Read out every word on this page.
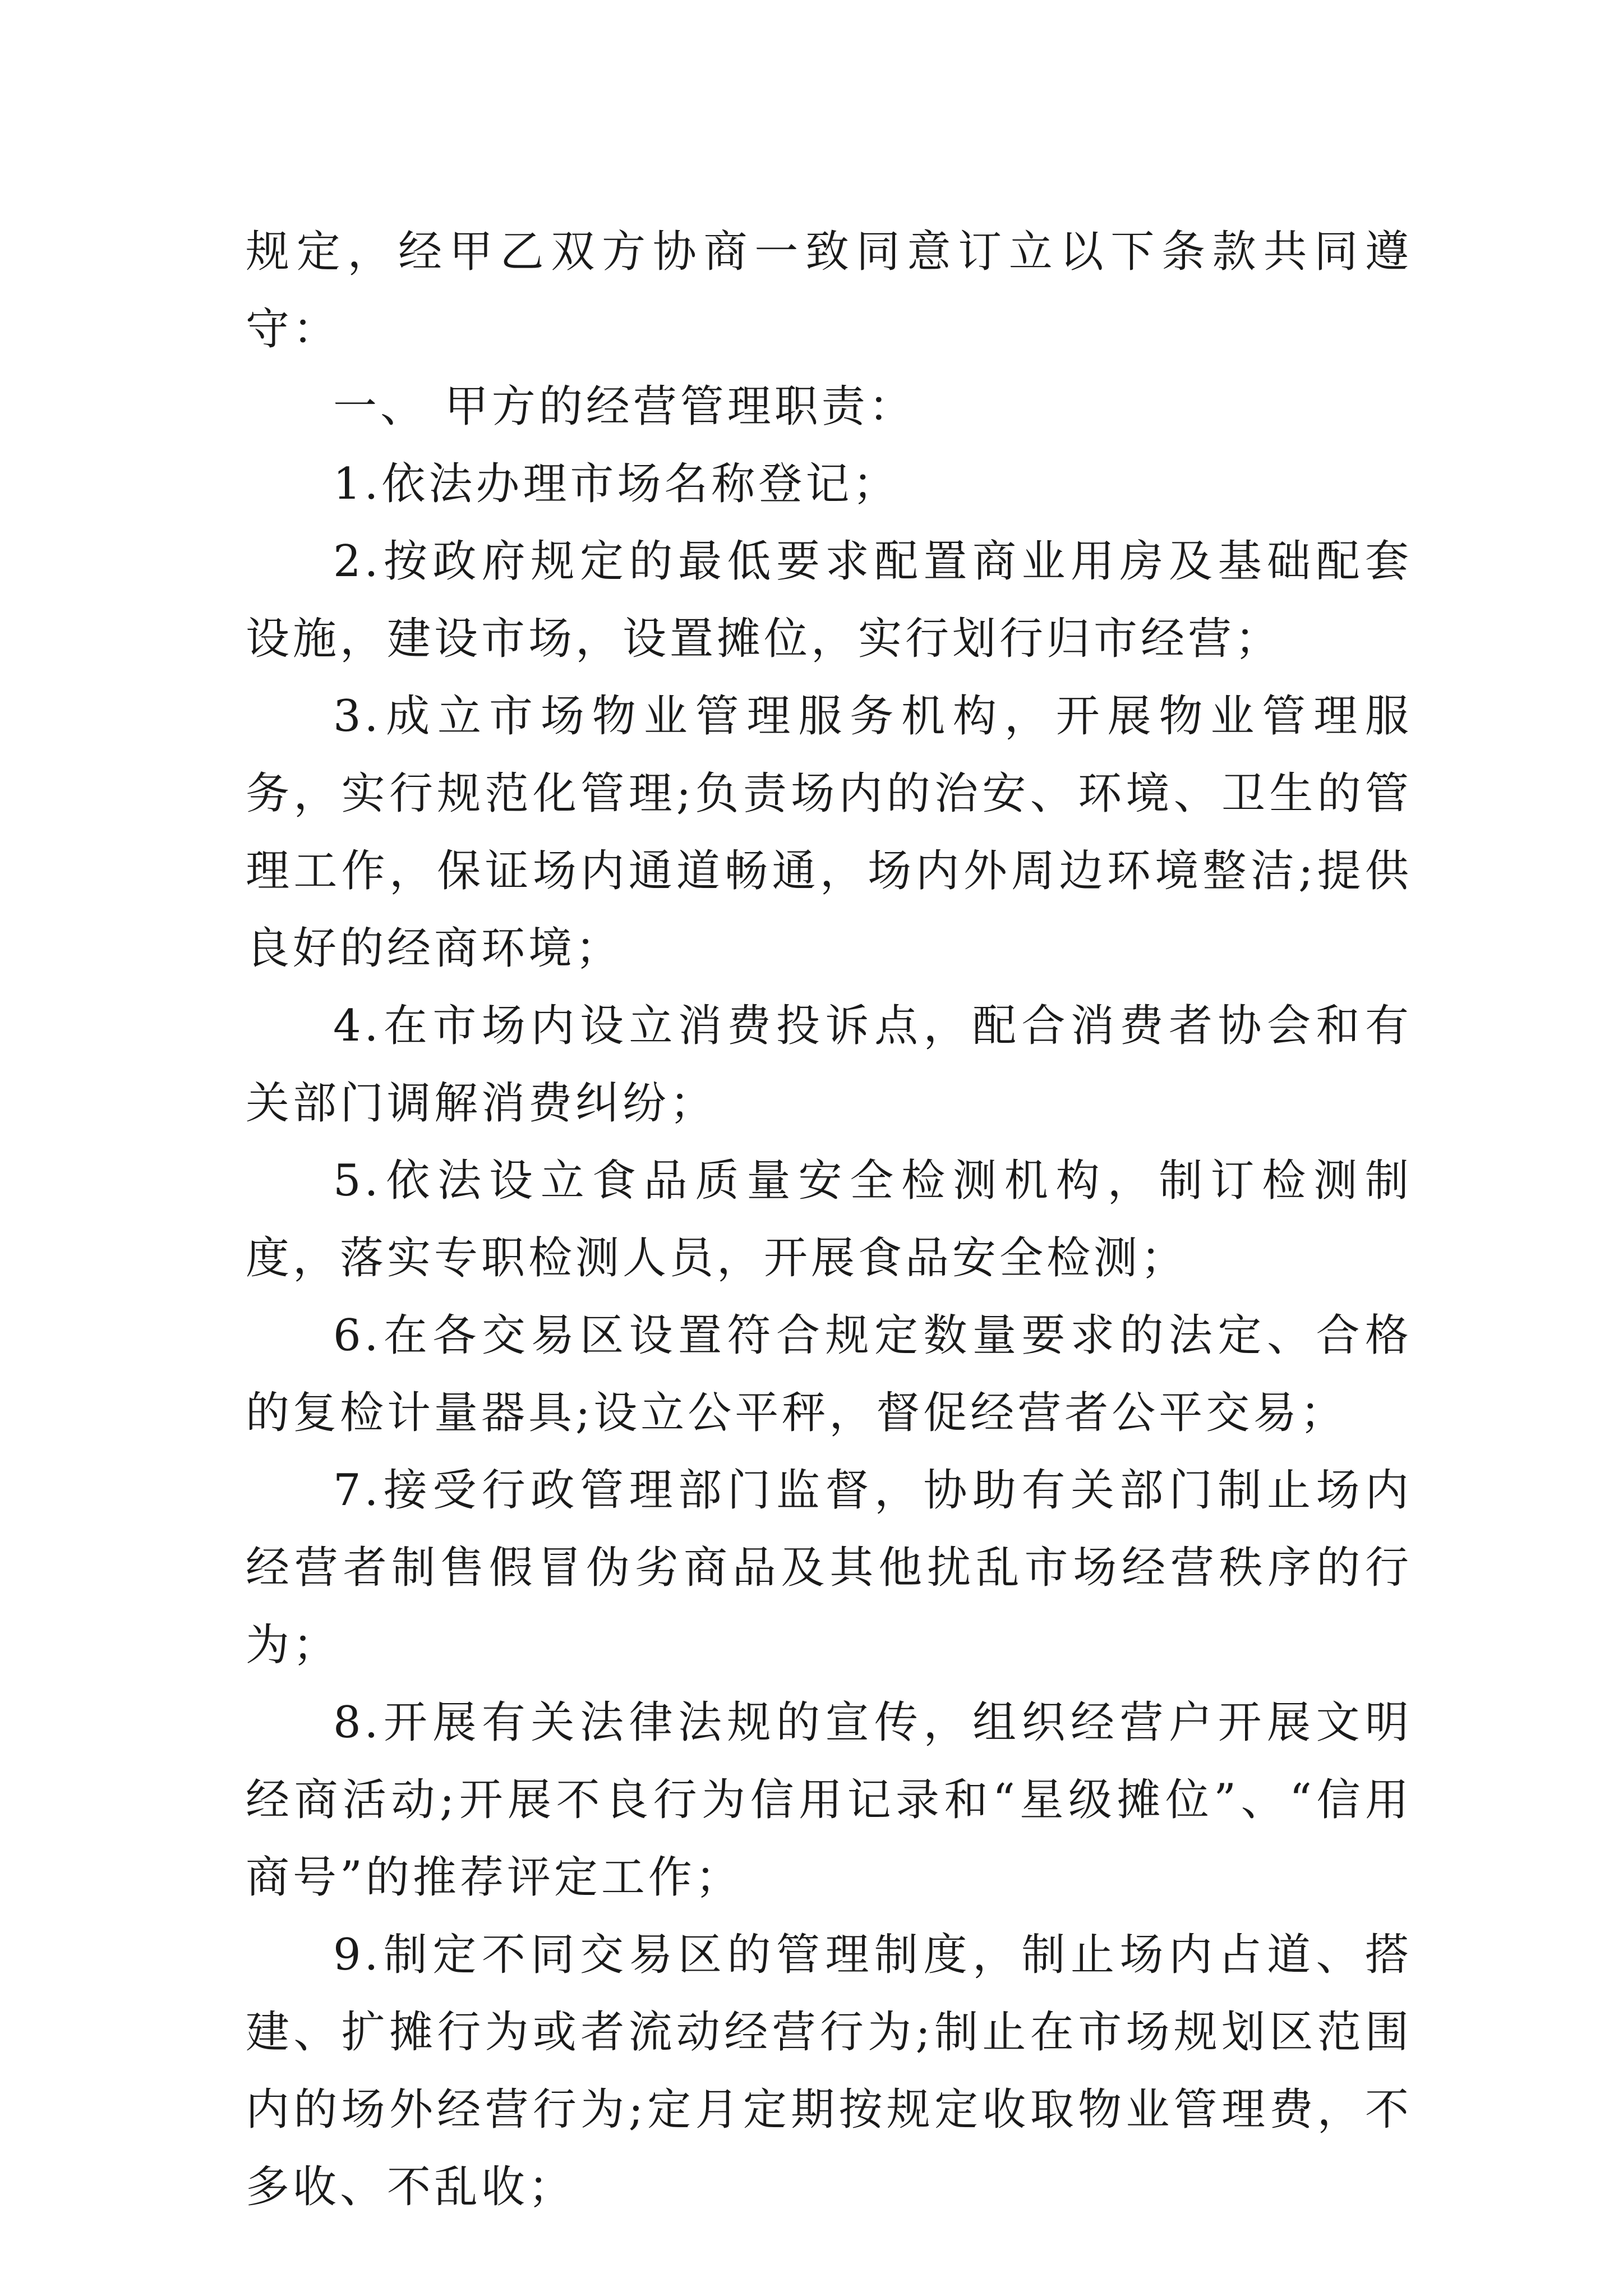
规定，经甲乙双方协商一致同意订立以下条款共同遵守：

一、 甲方的经营管理职责：

1.依法办理市场名称登记；

2.按政府规定的最低要求配置商业用房及基础配套设施，建设市场，设置摊位，实行划行归市经营；

3.成立市场物业管理服务机构，开展物业管理服务，实行规范化管理;负责场内的治安、环境、卫生的管理工作，保证场内通道畅通，场内外周边环境整洁;提供良好的经商环境；

4.在市场内设立消费投诉点，配合消费者协会和有关部门调解消费纠纷；

5.依法设立食品质量安全检测机构，制订检测制度，落实专职检测人员，开展食品安全检测；

6.在各交易区设置符合规定数量要求的法定、合格的复检计量器具;设立公平秤，督促经营者公平交易；

7.接受行政管理部门监督，协助有关部门制止场内经营者制售假冒伪劣商品及其他扰乱市场经营秩序的行为；

8.开展有关法律法规的宣传，组织经营户开展文明经商活动;开展不良行为信用记录和“星级摊位”、“信用商号”的推荐评定工作；

9.制定不同交易区的管理制度，制止场内占道、搭建、扩摊行为或者流动经营行为;制止在市场规划区范围内的场外经营行为;定月定期按规定收取物业管理费，不多收、不乱收；
